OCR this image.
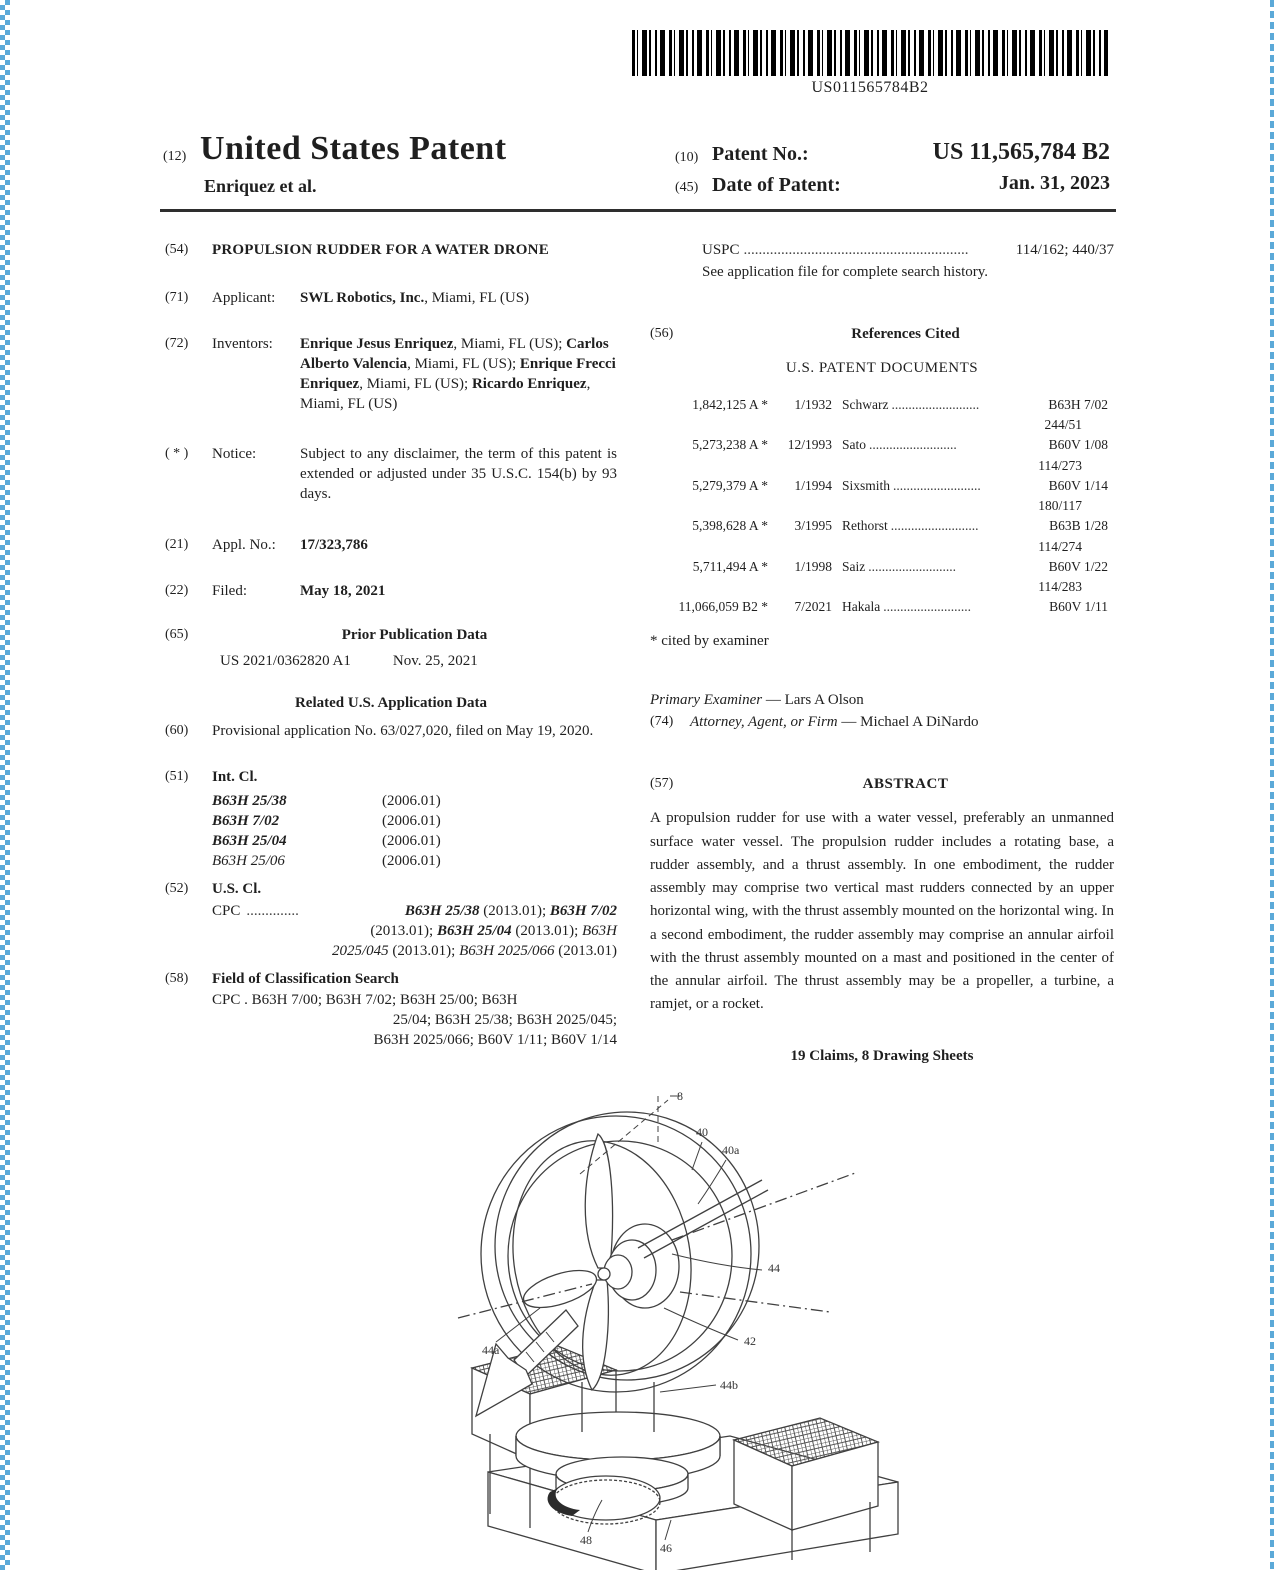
US011565784B2
(12) United States Patent
Enriquez et al.
(10) Patent No.:	US 11,565,784 B2
(45) Date of Patent:	Jan. 31, 2023
(54)	PROPULSION RUDDER FOR A WATER DRONE
(71)	Applicant:	SWL Robotics, Inc., Miami, FL (US)
(72)	Inventors:	Enrique Jesus Enriquez, Miami, FL (US); Carlos Alberto Valencia, Miami, FL (US); Enrique Frecci Enriquez, Miami, FL (US); Ricardo Enriquez, Miami, FL (US)
( * )	Notice:	Subject to any disclaimer, the term of this patent is extended or adjusted under 35 U.S.C. 154(b) by 93 days.
(21)	Appl. No.:	17/323,786
(22)	Filed:	May 18, 2021
(65)	Prior Publication Data
US 2021/0362820 A1	Nov. 25, 2021
Related U.S. Application Data
(60)	Provisional application No. 63/027,020, filed on May 19, 2020.
(51)	Int. Cl.
B63H 25/38	(2006.01)
B63H 7/02	(2006.01)
B63H 25/04	(2006.01)
B63H 25/06	(2006.01)
(52)	U.S. Cl.
CPC ..............	B63H 25/38 (2013.01); B63H 7/02
(2013.01); B63H 25/04 (2013.01); B63H
2025/045 (2013.01); B63H 2025/066 (2013.01)
(58)	Field of Classification Search
CPC . B63H 7/00; B63H 7/02; B63H 25/00; B63H
25/04; B63H 25/38; B63H 2025/045;
B63H 2025/066; B60V 1/11; B60V 1/14
USPC ............................................................	114/162; 440/37
See application file for complete search history.
(56)	References Cited
U.S. PATENT DOCUMENTS
1,842,125 A *	1/1932 Schwarz ..........................	B63H 7/02
244/51
5,273,238 A *	12/1993 Sato ..........................	B60V 1/08
114/273
5,279,379 A *	1/1994 Sixsmith ..........................	B60V 1/14
180/117
5,398,628 A *	3/1995 Rethorst ..........................	B63B 1/28
114/274
5,711,494 A *	1/1998 Saiz ..........................	B60V 1/22
114/283
11,066,059 B2 *	7/2021 Hakala ..........................	B60V 1/11
* cited by examiner
Primary Examiner — Lars A Olson
(74)	Attorney, Agent, or Firm — Michael A DiNardo
(57)	ABSTRACT
A propulsion rudder for use with a water vessel, preferably an unmanned surface water vessel. The propulsion rudder includes a rotating base, a rudder assembly, and a thrust assembly. In one embodiment, the rudder assembly may comprise two vertical mast rudders connected by an upper horizontal wing, with the thrust assembly mounted on the horizontal wing. In a second embodiment, the rudder assembly may comprise an annular airfoil with the thrust assembly mounted on a mast and positioned in the center of the annular airfoil. The thrust assembly may be a propeller, a turbine, a ramjet, or a rocket.
19 Claims, 8 Drawing Sheets
8
40
40a
44
42
44a
44b
48
46
